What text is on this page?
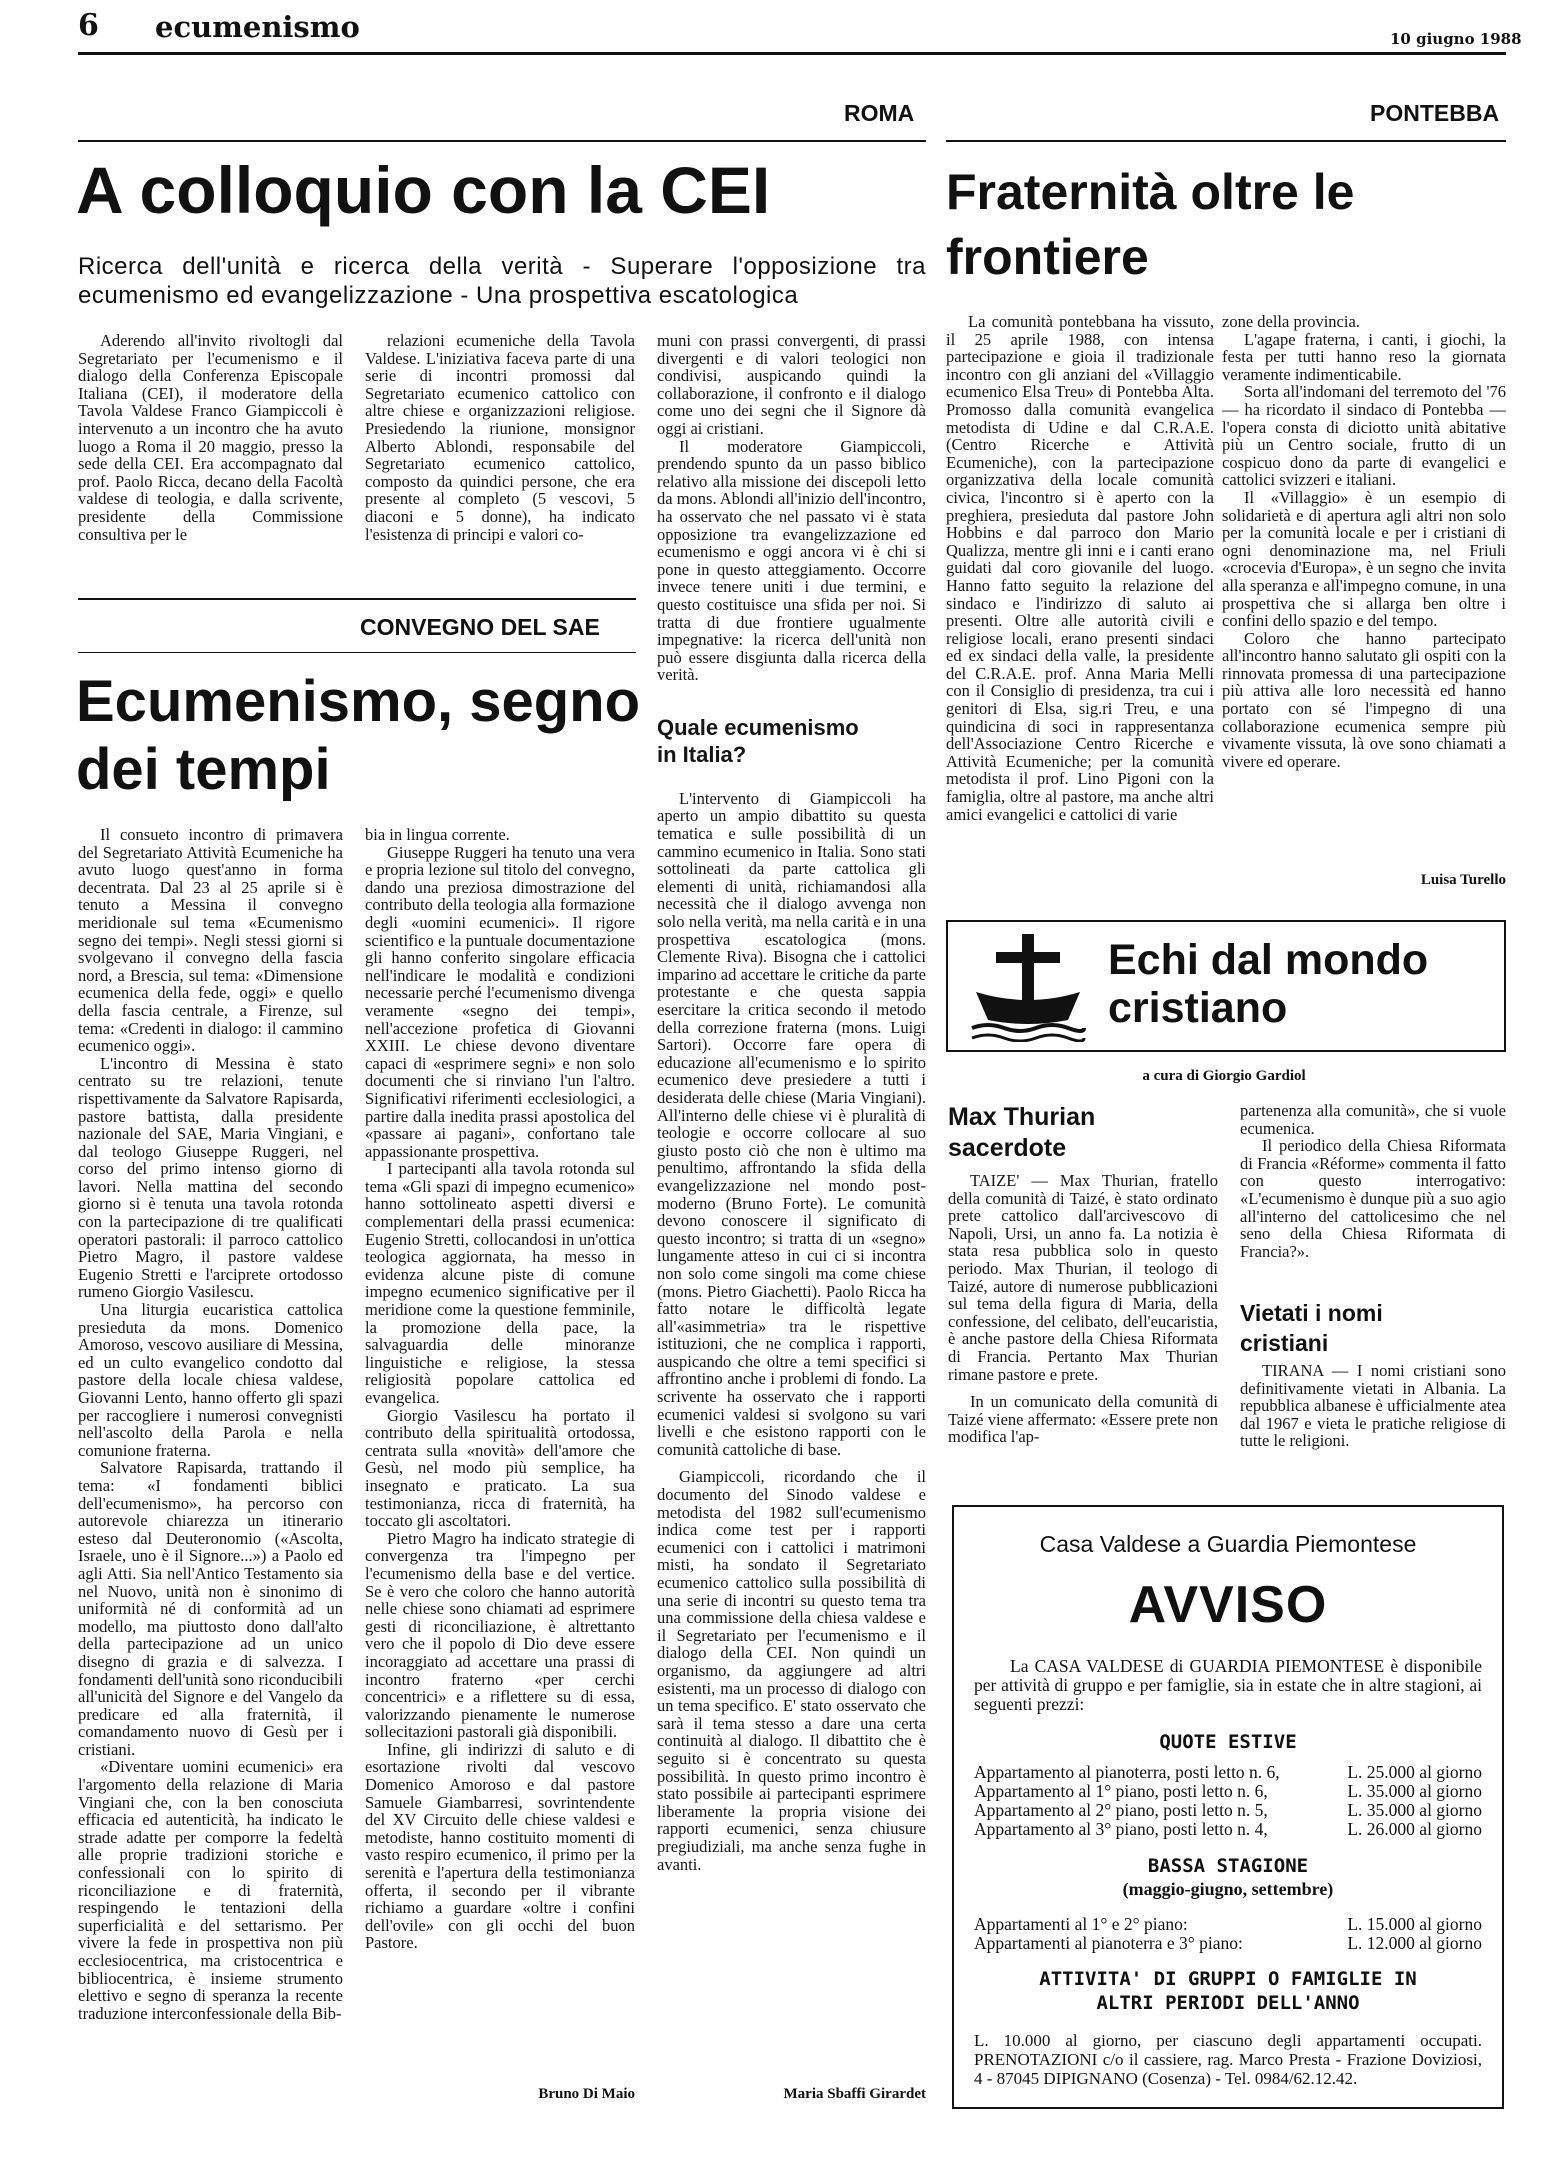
6 ecumenismo	10 giugno 1988
ROMA
A colloquio con la CEI
Ricerca dell'unità e ricerca della verità - Superare l'opposizione tra ecumenismo ed evangelizzazione - Una prospettiva escatologica

Aderendo all'invito rivoltogli dal Segretariato per l'ecumenismo e il dialogo della Conferenza Episcopale Italiana (CEI), il moderatore della Tavola Valdese Franco Giampiccoli è intervenuto a un incontro che ha avuto luogo a Roma il 20 maggio, presso la sede della CEI. Era accompagnato dal prof. Paolo Ricca, decano della Facoltà valdese di teologia, e dalla scrivente, presidente della Commissione consultiva per le

relazioni ecumeniche della Tavola Valdese. L'iniziativa faceva parte di una serie di incontri promossi dal Segretariato ecumenico cattolico con altre chiese e organizzazioni religiose. Presiedendo la riunione, monsignor Alberto Ablondi, responsabile del Segretariato ecumenico cattolico, composto da quindici persone, che era presente al completo (5 vescovi, 5 diaconi e 5 donne), ha indicato l'esistenza di principi e valori co-

muni con prassi convergenti, di prassi divergenti e di valori teologici non condivisi, auspicando quindi la collaborazione, il confronto e il dialogo come uno dei segni che il Signore dà oggi ai cristiani.

Il moderatore Giampiccoli, prendendo spunto da un passo biblico relativo alla missione dei discepoli letto da mons. Ablondi all'inizio dell'incontro, ha osservato che nel passato vi è stata opposizione tra evangelizzazione ed ecumenismo e oggi ancora vi è chi si pone in questo atteggiamento. Occorre invece tenere uniti i due termini, e questo costituisce una sfida per noi. Si tratta di due frontiere ugualmente impegnative: la ricerca dell'unità non può essere disgiunta dalla ricerca della verità.

Quale ecumenismo in Italia?

L'intervento di Giampiccoli ha aperto un ampio dibattito su questa tematica e sulle possibilità di un cammino ecumenico in Italia. Sono stati sottolineati da parte cattolica gli elementi di unità, richiamandosi alla necessità che il dialogo avvenga non solo nella verità, ma nella carità e in una prospettiva escatologica (mons. Clemente Riva). Bisogna che i cattolici imparino ad accettare le critiche da parte protestante e che questa sappia esercitare la critica secondo il metodo della correzione fraterna (mons. Luigi Sartori). Occorre fare opera di educazione all'ecumenismo e lo spirito ecumenico deve presiedere a tutti i desiderata delle chiese (Maria Vingiani). All'interno delle chiese vi è pluralità di teologie e occorre collocare al suo giusto posto ciò che non è ultimo ma penultimo, affrontando la sfida della evangelizzazione nel mondo post-moderno (Bruno Forte). Le comunità devono conoscere il significato di questo incontro; si tratta di un «segno» lungamente atteso in cui ci si incontra non solo come singoli ma come chiese (mons. Pietro Giachetti). Paolo Ricca ha fatto notare le difficoltà legate all'«asimmetria» tra le rispettive istituzioni, che ne complica i rapporti, auspicando che oltre a temi specifici si affrontino anche i problemi di fondo. La scrivente ha osservato che i rapporti ecumenici valdesi si svolgono su vari livelli e che esistono rapporti con le comunità cattoliche di base.

Giampiccoli, ricordando che il documento del Sinodo valdese e metodista del 1982 sull'ecumenismo indica come test per i rapporti ecumenici con i cattolici i matrimoni misti, ha sondato il Segretariato ecumenico cattolico sulla possibilità di una serie di incontri su questo tema tra una commissione della chiesa valdese e il Segretariato per l'ecumenismo e il dialogo della CEI. Non quindi un organismo, da aggiungere ad altri esistenti, ma un processo di dialogo con un tema specifico. E' stato osservato che sarà il tema stesso a dare una certa continuità al dialogo. Il dibattito che è seguito si è concentrato su questa possibilità. In questo primo incontro è stato possibile ai partecipanti esprimere liberamente la propria visione dei rapporti ecumenici, senza chiusure pregiudiziali, ma anche senza fughe in avanti.

Maria Sbaffi Girardet
CONVEGNO DEL SAE
Ecumenismo, segno dei tempi

Il consueto incontro di primavera del Segretariato Attività Ecumeniche ha avuto luogo quest'anno in forma decentrata. Dal 23 al 25 aprile si è tenuto a Messina il convegno meridionale sul tema «Ecumenismo segno dei tempi». Negli stessi giorni si svolgevano il convegno della fascia nord, a Brescia, sul tema: «Dimensione ecumenica della fede, oggi» e quello della fascia centrale, a Firenze, sul tema: «Credenti in dialogo: il cammino ecumenico oggi».

L'incontro di Messina è stato centrato su tre relazioni, tenute rispettivamente da Salvatore Rapisarda, pastore battista, dalla presidente nazionale del SAE, Maria Vingiani, e dal teologo Giuseppe Ruggeri, nel corso del primo intenso giorno di lavori. Nella mattina del secondo giorno si è tenuta una tavola rotonda con la partecipazione di tre qualificati operatori pastorali: il parroco cattolico Pietro Magro, il pastore valdese Eugenio Stretti e l'arciprete ortodosso rumeno Giorgio Vasilescu.

Una liturgia eucaristica cattolica presieduta da mons. Domenico Amoroso, vescovo ausiliare di Messina, ed un culto evangelico condotto dal pastore della locale chiesa valdese, Giovanni Lento, hanno offerto gli spazi per raccogliere i numerosi convegnisti nell'ascolto della Parola e nella comunione fraterna.

Salvatore Rapisarda, trattando il tema: «I fondamenti biblici dell'ecumenismo», ha percorso con autorevole chiarezza un itinerario esteso dal Deuteronomio («Ascolta, Israele, uno è il Signore...») a Paolo ed agli Atti. Sia nell'Antico Testamento sia nel Nuovo, unità non è sinonimo di uniformità né di conformità ad un modello, ma piuttosto dono dall'alto della partecipazione ad un unico disegno di grazia e di salvezza. I fondamenti dell'unità sono riconducibili all'unicità del Signore e del Vangelo da predicare ed alla fraternità, il comandamento nuovo di Gesù per i cristiani.

«Diventare uomini ecumenici» era l'argomento della relazione di Maria Vingiani che, con la ben conosciuta efficacia ed autenticità, ha indicato le strade adatte per comporre la fedeltà alle proprie tradizioni storiche e confessionali con lo spirito di riconciliazione e di fraternità, respingendo le tentazioni della superficialità e del settarismo. Per vivere la fede in prospettiva non più ecclesiocentrica, ma cristocentrica e bibliocentrica, è insieme strumento elettivo e segno di speranza la recente traduzione interconfessionale della Bib-

bia in lingua corrente.

Giuseppe Ruggeri ha tenuto una vera e propria lezione sul titolo del convegno, dando una preziosa dimostrazione del contributo della teologia alla formazione degli «uomini ecumenici». Il rigore scientifico e la puntuale documentazione gli hanno conferito singolare efficacia nell'indicare le modalità e condizioni necessarie perché l'ecumenismo divenga veramente «segno dei tempi», nell'accezione profetica di Giovanni XXIII. Le chiese devono diventare capaci di «esprimere segni» e non solo documenti che si rinviano l'un l'altro. Significativi riferimenti ecclesiologici, a partire dalla inedita prassi apostolica del «passare ai pagani», confortano tale appassionante prospettiva.

I partecipanti alla tavola rotonda sul tema «Gli spazi di impegno ecumenico» hanno sottolineato aspetti diversi e complementari della prassi ecumenica: Eugenio Stretti, collocandosi in un'ottica teologica aggiornata, ha messo in evidenza alcune piste di comune impegno ecumenico significative per il meridione come la questione femminile, la promozione della pace, la salvaguardia delle minoranze linguistiche e religiose, la stessa religiosità popolare cattolica ed evangelica.

Giorgio Vasilescu ha portato il contributo della spiritualità ortodossa, centrata sulla «novità» dell'amore che Gesù, nel modo più semplice, ha insegnato e praticato. La sua testimonianza, ricca di fraternità, ha toccato gli ascoltatori.

Pietro Magro ha indicato strategie di convergenza tra l'impegno per l'ecumenismo della base e del vertice. Se è vero che coloro che hanno autorità nelle chiese sono chiamati ad esprimere gesti di riconciliazione, è altrettanto vero che il popolo di Dio deve essere incoraggiato ad accettare una prassi di incontro fraterno «per cerchi concentrici» e a riflettere su di essa, valorizzando pienamente le numerose sollecitazioni pastorali già disponibili.

Infine, gli indirizzi di saluto e di esortazione rivolti dal vescovo Domenico Amoroso e dal pastore Samuele Giambarresi, sovrintendente del XV Circuito delle chiese valdesi e metodiste, hanno costituito momenti di vasto respiro ecumenico, il primo per la serenità e l'apertura della testimonianza offerta, il secondo per il vibrante richiamo a guardare «oltre i confini dell'ovile» con gli occhi del buon Pastore.

Bruno Di Maio
PONTEBBA
Fraternità oltre le frontiere

La comunità pontebbana ha vissuto, il 25 aprile 1988, con intensa partecipazione e gioia il tradizionale incontro con gli anziani del «Villaggio ecumenico Elsa Treu» di Pontebba Alta. Promosso dalla comunità evangelica metodista di Udine e dal C.R.A.E. (Centro Ricerche e Attività Ecumeniche), con la partecipazione organizzativa della locale comunità civica, l'incontro si è aperto con la preghiera, presieduta dal pastore John Hobbins e dal parroco don Mario Qualizza, mentre gli inni e i canti erano guidati dal coro giovanile del luogo. Hanno fatto seguito la relazione del sindaco e l'indirizzo di saluto ai presenti. Oltre alle autorità civili e religiose locali, erano presenti sindaci ed ex sindaci della valle, la presidente del C.R.A.E. prof. Anna Maria Melli con il Consiglio di presidenza, tra cui i genitori di Elsa, sig.ri Treu, e una quindicina di soci in rappresentanza dell'Associazione Centro Ricerche e Attività Ecumeniche; per la comunità metodista il prof. Lino Pigoni con la famiglia, oltre al pastore, ma anche altri amici evangelici e cattolici di varie

zone della provincia.

L'agape fraterna, i canti, i giochi, la festa per tutti hanno reso la giornata veramente indimenticabile.

Sorta all'indomani del terremoto del '76 — ha ricordato il sindaco di Pontebba — l'opera consta di diciotto unità abitative più un Centro sociale, frutto di un cospicuo dono da parte di evangelici e cattolici svizzeri e italiani.

Il «Villaggio» è un esempio di solidarietà e di apertura agli altri non solo per la comunità locale e per i cristiani di ogni denominazione ma, nel Friuli «crocevia d'Europa», è un segno che invita alla speranza e all'impegno comune, in una prospettiva che si allarga ben oltre i confini dello spazio e del tempo.

Coloro che hanno partecipato all'incontro hanno salutato gli ospiti con la rinnovata promessa di una partecipazione più attiva alle loro necessità ed hanno portato con sé l'impegno di una collaborazione ecumenica sempre più vivamente vissuta, là ove sono chiamati a vivere ed operare.

Luisa Turello
Echi dal mondo cristiano
a cura di Giorgio Gardiol
Max Thurian sacerdote

TAIZE' — Max Thurian, fratello della comunità di Taizé, è stato ordinato prete cattolico dall'arcivescovo di Napoli, Ursi, un anno fa. La notizia è stata resa pubblica solo in questo periodo. Max Thurian, il teologo di Taizé, autore di numerose pubblicazioni sul tema della figura di Maria, della confessione, del celibato, dell'eucaristia, è anche pastore della Chiesa Riformata di Francia. Pertanto Max Thurian rimane pastore e prete.

In un comunicato della comunità di Taizé viene affermato: «Essere prete non modifica l'ap-

partenenza alla comunità», che si vuole ecumenica.

Il periodico della Chiesa Riformata di Francia «Réforme» commenta il fatto con questo interrogativo: «L'ecumenismo è dunque più a suo agio all'interno del cattolicesimo che nel seno della Chiesa Riformata di Francia?».

Vietati i nomi cristiani

TIRANA — I nomi cristiani sono definitivamente vietati in Albania. La repubblica albanese è ufficialmente atea dal 1967 e vieta le pratiche religiose di tutte le religioni.

Casa Valdese a Guardia Piemontese
AVVISO
La CASA VALDESE di GUARDIA PIEMONTESE è disponibile per attività di gruppo e per famiglie, sia in estate che in altre stagioni, ai seguenti prezzi:
QUOTE ESTIVE
Appartamento al pianoterra, posti letto n. 6,	L. 25.000 al giorno
Appartamento al 1° piano, posti letto n. 6,	L. 35.000 al giorno
Appartamento al 2° piano, posti letto n. 5,	L. 35.000 al giorno
Appartamento al 3° piano, posti letto n. 4,	L. 26.000 al giorno
BASSA STAGIONE
(maggio-giugno, settembre)
Appartamenti al 1° e 2° piano:	L. 15.000 al giorno
Appartamenti al pianoterra e 3° piano:	L. 12.000 al giorno
ATTIVITA' DI GRUPPI O FAMIGLIE IN ALTRI PERIODI DELL'ANNO
L. 10.000 al giorno, per ciascuno degli appartamenti occupati. PRENOTAZIONI c/o il cassiere, rag. Marco Presta - Frazione Doviziosi, 4 - 87045 DIPIGNANO (Cosenza) - Tel. 0984/62.12.42.
